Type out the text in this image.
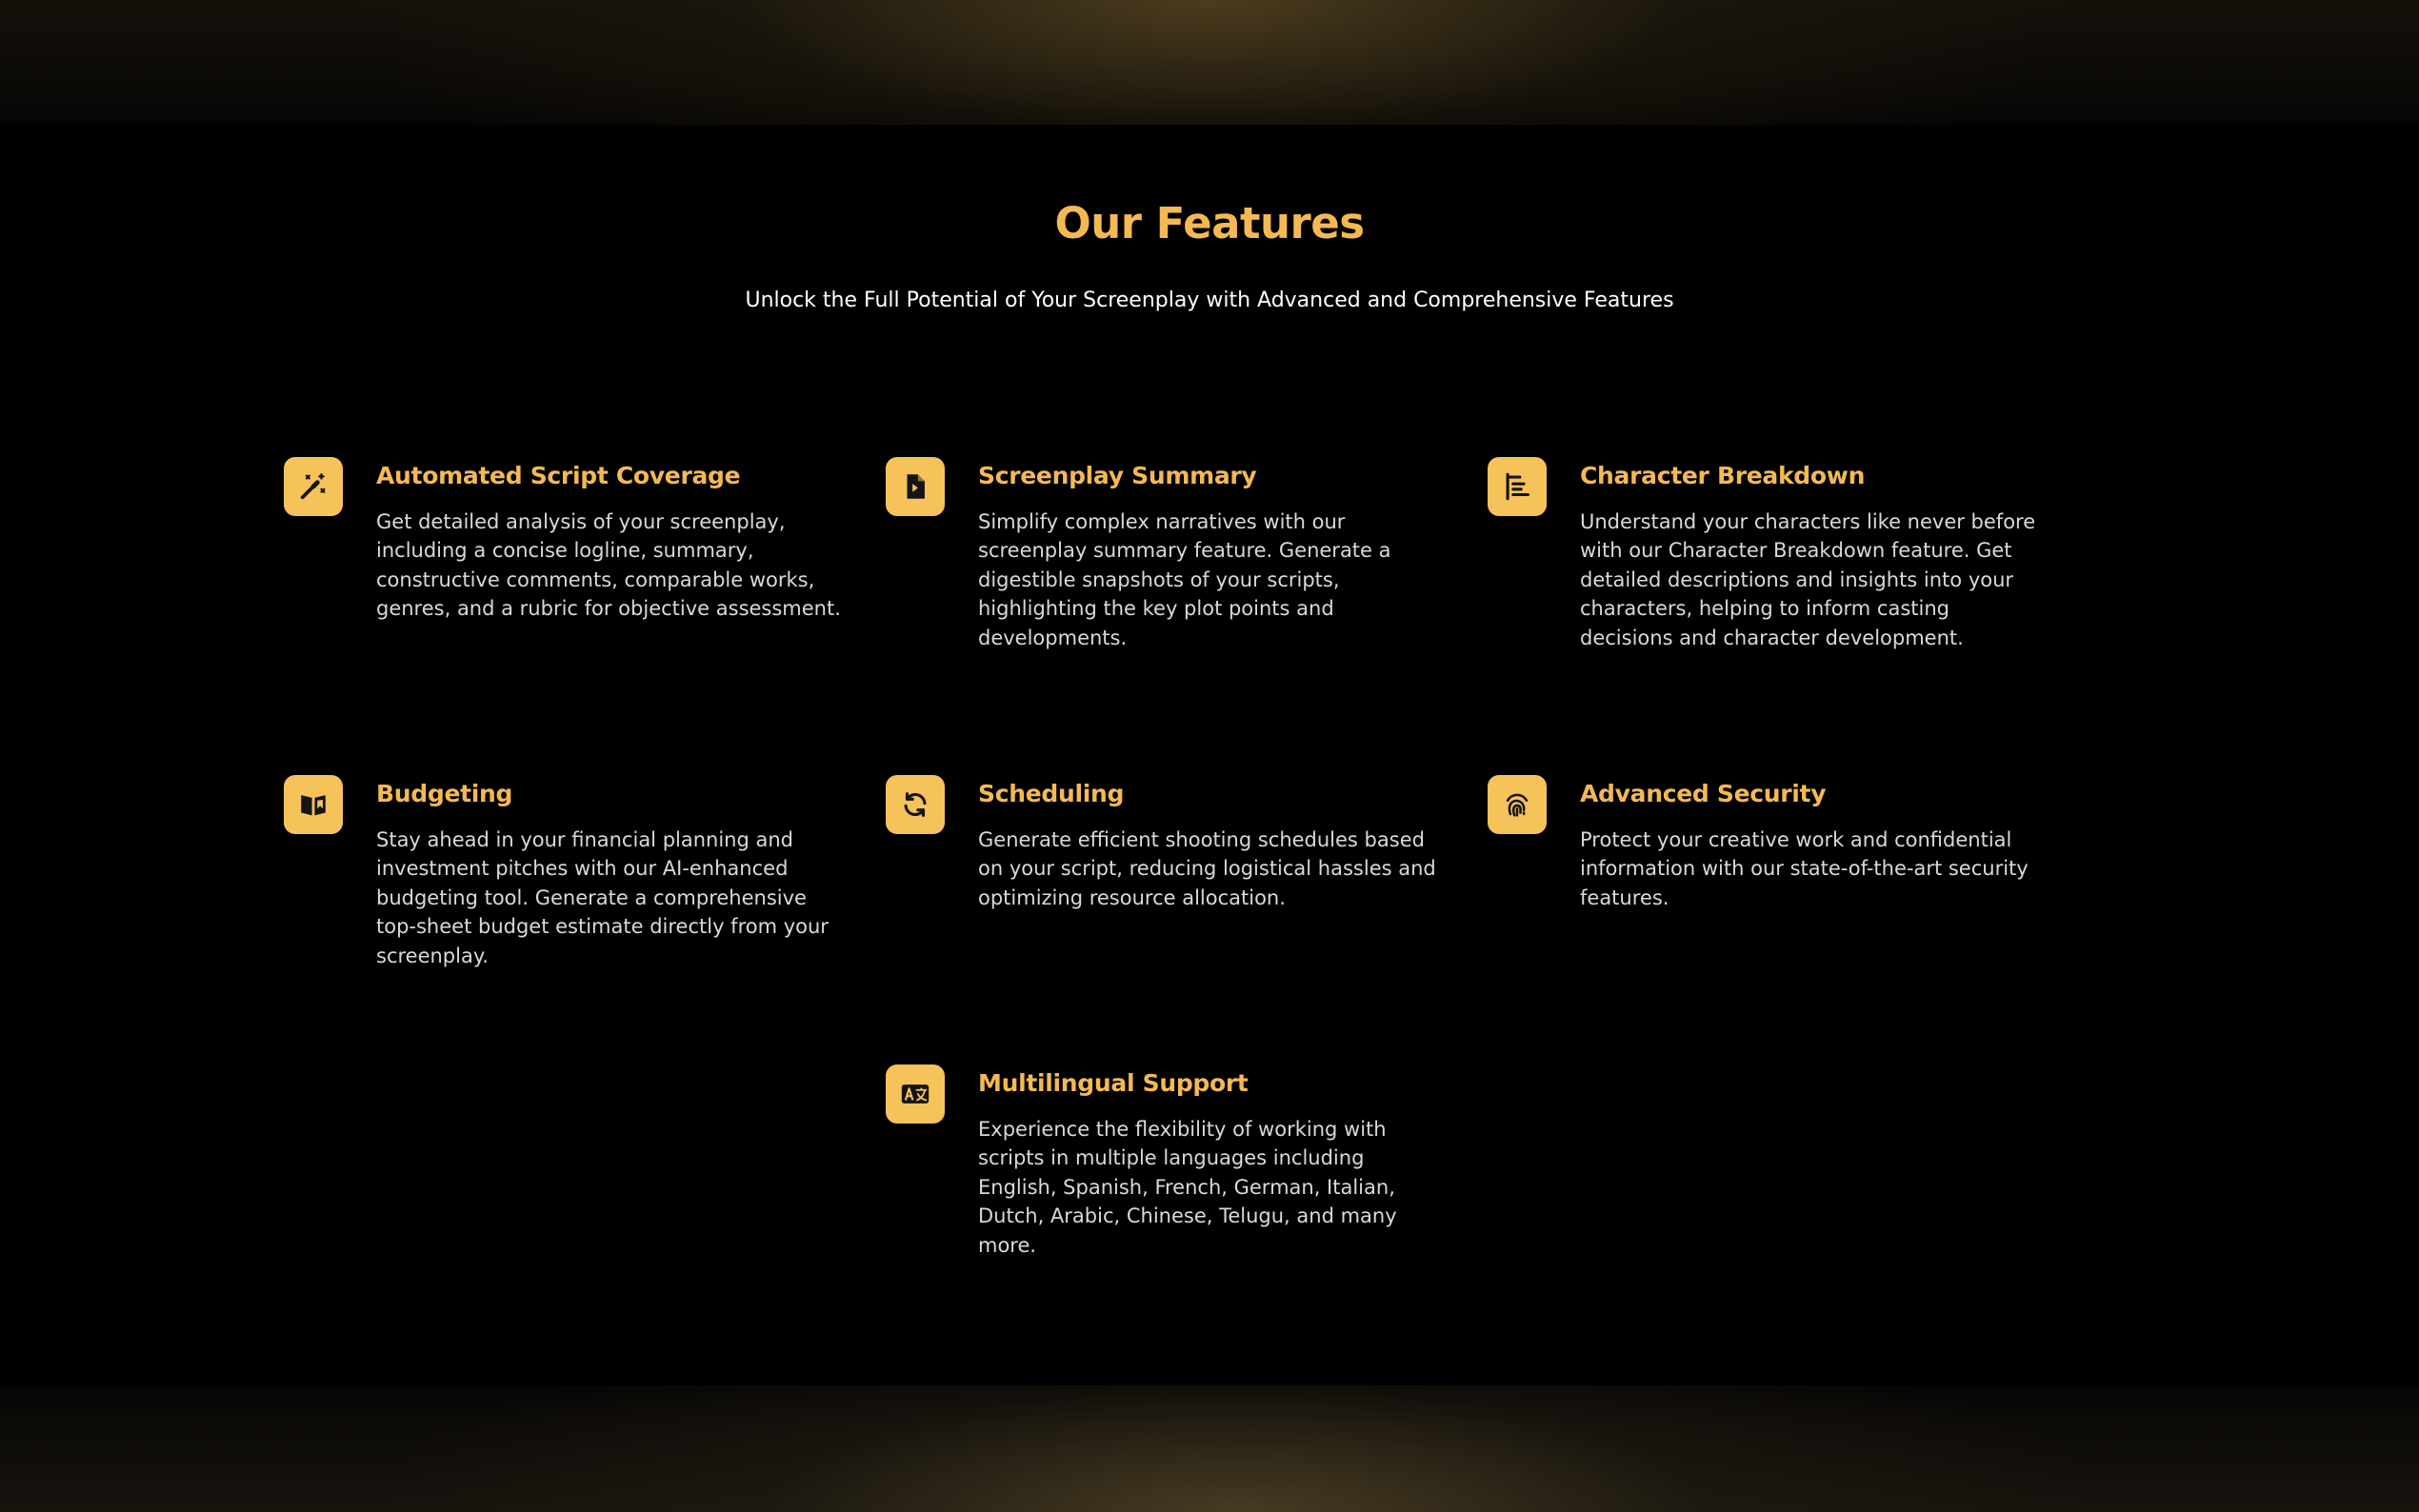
Our Features

Unlock the Full Potential of Your Screenplay with Advanced and Comprehensive Features

Automated Script Coverage

Get detailed analysis of your screenplay, including a concise logline, summary, constructive comments, comparable works, genres, and a rubric for objective assessment.

Screenplay Summary

Simplify complex narratives with our screenplay summary feature. Generate a digestible snapshots of your scripts, highlighting the key plot points and developments.

Character Breakdown

Understand your characters like never before with our Character Breakdown feature. Get detailed descriptions and insights into your characters, helping to inform casting decisions and character development.

Budgeting

Stay ahead in your financial planning and investment pitches with our AI-enhanced budgeting tool. Generate a comprehensive top-sheet budget estimate directly from your screenplay.

Scheduling

Generate efficient shooting schedules based on your script, reducing logistical hassles and optimizing resource allocation.

Advanced Security

Protect your creative work and confidential information with our state-of-the-art security features.

Multilingual Support

Experience the flexibility of working with scripts in multiple languages including English, Spanish, French, German, Italian, Dutch, Arabic, Chinese, Telugu, and many more.
